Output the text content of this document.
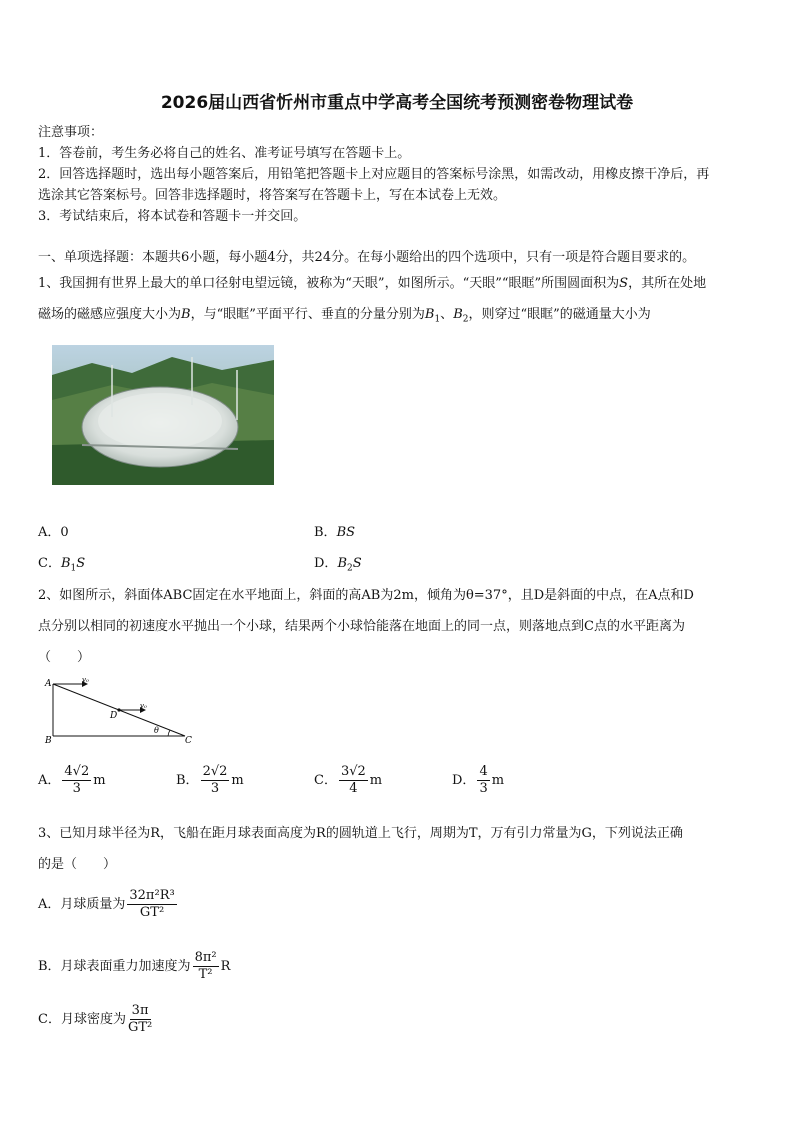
2026届山西省忻州市重点中学高考全国统考预测密卷物理试卷
注意事项：
1．答卷前，考生务必将自己的姓名、准考证号填写在答题卡上。
2．回答选择题时，选出每小题答案后，用铅笔把答题卡上对应题目的答案标号涂黑，如需改动，用橡皮擦干净后，再
选涂其它答案标号。回答非选择题时，将答案写在答题卡上，写在本试卷上无效。
3．考试结束后，将本试卷和答题卡一并交回。
一、单项选择题：本题共6小题，每小题4分，共24分。在每小题给出的四个选项中，只有一项是符合题目要求的。
1、我国拥有世界上最大的单口径射电望远镜，被称为“天眼”，如图所示。“天眼”“眼眶”所围圆面积为S，其所在处地
磁场的磁感应强度大小为B，与“眼眶”平面平行、垂直的分量分别为$B_1$、$B_2$，则穿过“眼眶”的磁通量大小为
A．0	B．BS
C．$B_1S$	D．$B_2S$
2、如图所示，斜面体ABC固定在水平地面上，斜面的高AB为2m，倾角为θ=37°，且D是斜面的中点，在A点和D
点分别以相同的初速度水平抛出一个小球，结果两个小球恰能落在地面上的同一点，则落地点到C点的水平距离为
（　　）
A
B	C
D
v₀
v₀
θ
A． $\frac{4√2}{3}$ m	B． $\frac{2√2}{3}$ m	C． $\frac{3√2}{4}$ m	D． $\frac{4}{3}$ m
3、已知月球半径为R，飞船在距月球表面高度为R的圆轨道上飞行，周期为T，万有引力常量为G，下列说法正确
的是（　　）
A．月球质量为 $\frac{\text{32π²R³}}{\text{GT²}}$
B．月球表面重力加速度为 $\frac{\text{8π²}}{\text{T²}}$ R
C．月球密度为 $\frac{3\pi}{\text{GT²}}$
